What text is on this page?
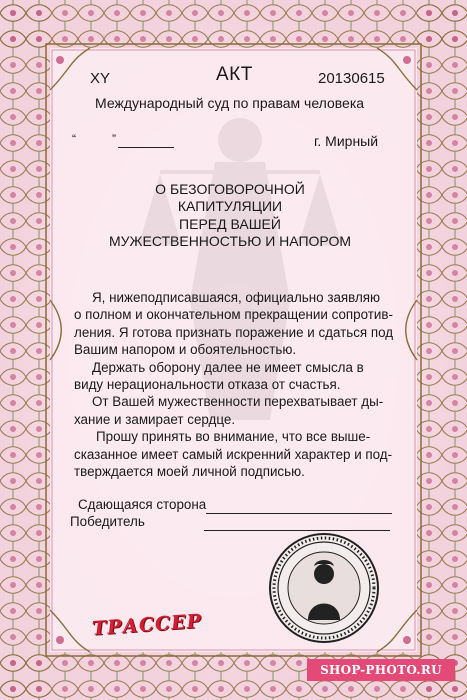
XY	АКТ	20130615
Международный суд по правам человека
“	”	г. Мирный
О БЕЗОГОВОРОЧНОЙ
КАПИТУЛЯЦИИ
ПЕРЕД ВАШЕЙ
МУЖЕСТВЕННОСТЬЮ И НАПОРОМ
Я, нижеподписавшаяся, официально заявляю
о полном и окончательном прекращении сопротив-
ления. Я готова признать поражение и сдаться под
Вашим напором и обоятельностью.
Держать оборону далее не имеет смысла в
виду нерациональности отказа от счастья.
От Вашей мужественности перехватывает ды-
хание и замирает сердце.
Прошу принять во внимание, что все выше-
сказанное имеет самый искренний характер и под-
тверждается моей личной подписью.
Сдающаяся сторона
Победитель
ТРАССЕР
SHOP-PHOTO.RU
